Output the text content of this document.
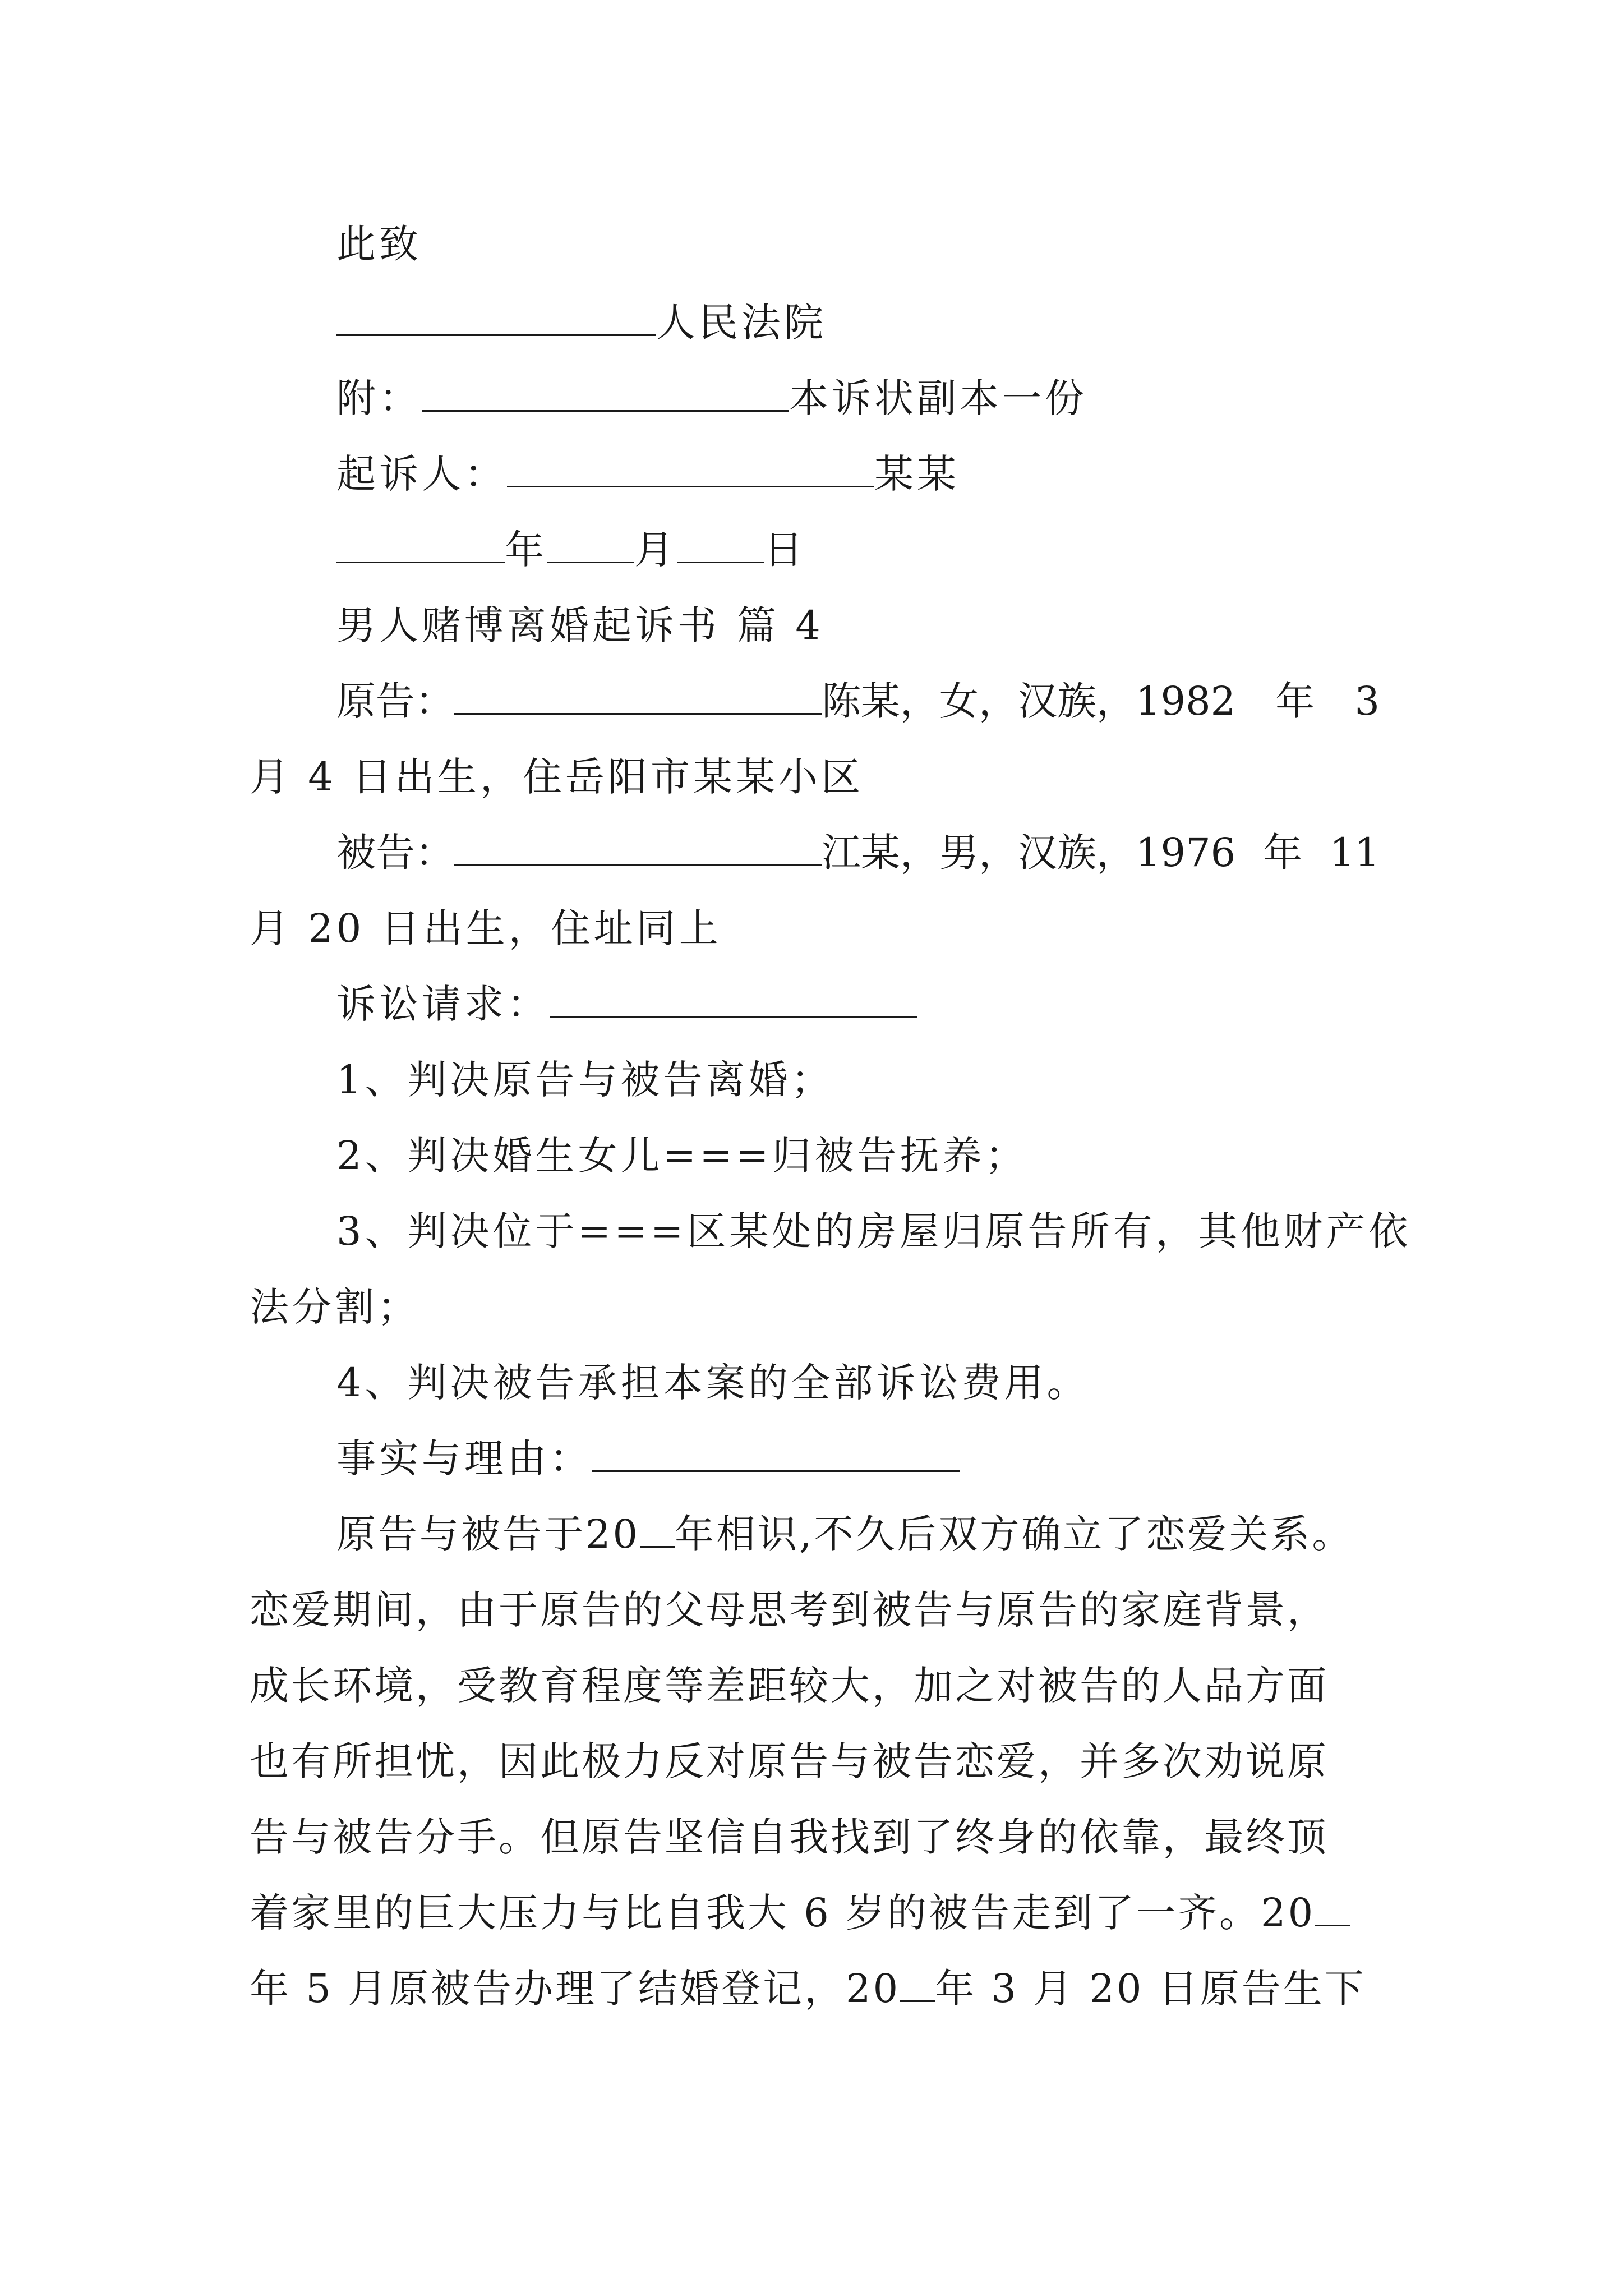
此致
人民法院
附：	本诉状副本一份
起诉人：	某某
年 月 日
男人赌博离婚起诉书 篇 4
原告：	陈某，女，汉族，1982 年 3
月 4 日出生，住岳阳市某某小区
被告：	江某，男，汉族，1976 年 11
月 20 日出生，住址同上
诉讼请求：
1、判决原告与被告离婚；
2、判决婚生女儿===归被告抚养；
3、判决位于===区某处的房屋归原告所有，其他财产依
法分割；
4、判决被告承担本案的全部诉讼费用。
事实与理由：
原告与被告于20 年相识,不久后双方确立了恋爱关系。
恋爱期间，由于原告的父母思考到被告与原告的家庭背景，
成长环境，受教育程度等差距较大，加之对被告的人品方面
也有所担忧，因此极力反对原告与被告恋爱，并多次劝说原
告与被告分手。但原告坚信自我找到了终身的依靠，最终顶
着家里的巨大压力与比自我大 6 岁的被告走到了一齐。20
年 5 月原被告办理了结婚登记，20 年 3 月 20 日原告生下
